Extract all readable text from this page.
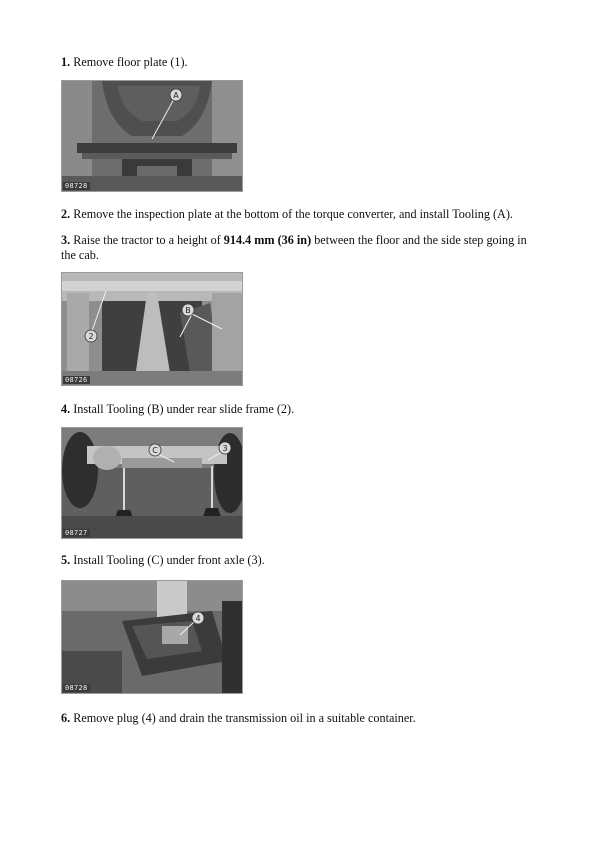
1. Remove floor plate (1).
A
08728
2. Remove the inspection plate at the bottom of the torque converter, and install Tooling (A).
3. Raise the tractor to a height of 914.4 mm (36 in) between the floor and the side step going in the cab.
2
B
08726
4. Install Tooling (B) under rear slide frame (2).
C	3
08727
5. Install Tooling (C) under front axle (3).
4
08728
6. Remove plug (4) and drain the transmission oil in a suitable container.
